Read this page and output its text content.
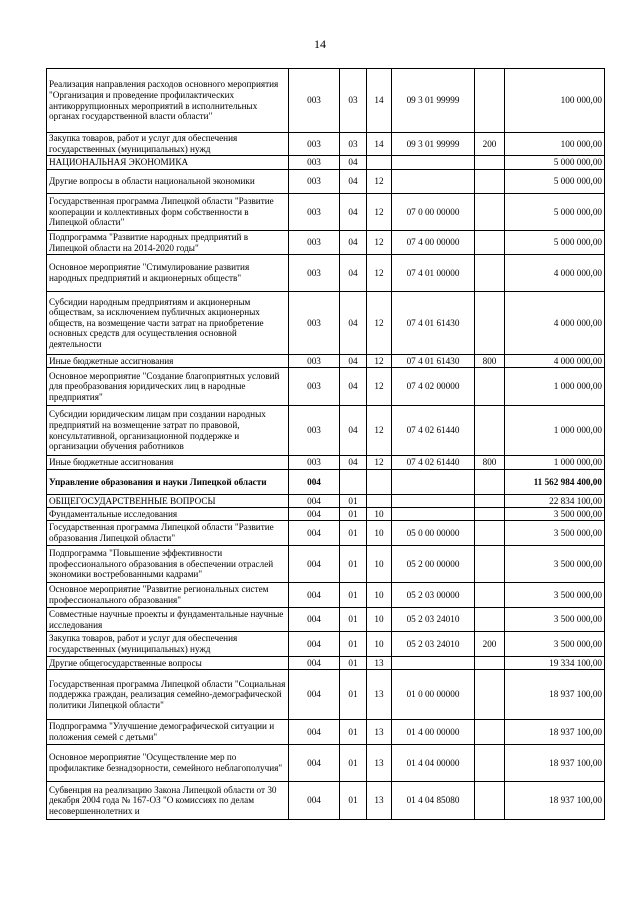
14
Реализация направления расходов основного мероприятия "Организация и проведение профилактических антикоррупционных мероприятий в исполнительных органах государственной власти области"	003	03	14	09 3 01 99999		100 000,00
Закупка товаров, работ и услуг для обеспечения государственных (муниципальных) нужд	003	03	14	09 3 01 99999	200	100 000,00
НАЦИОНАЛЬНАЯ ЭКОНОМИКА	003	04				5 000 000,00
Другие вопросы в области национальной экономики	003	04	12			5 000 000,00
Государственная программа Липецкой области "Развитие кооперации и коллективных форм собственности в Липецкой области"	003	04	12	07 0 00 00000		5 000 000,00
Подпрограмма "Развитие народных предприятий в Липецкой области на 2014-2020 годы"	003	04	12	07 4 00 00000		5 000 000,00
Основное мероприятие "Стимулирование развития народных предприятий и акционерных обществ"	003	04	12	07 4 01 00000		4 000 000,00
Субсидии народным предприятиям и акционерным обществам, за исключением публичных акционерных обществ, на возмещение части затрат на приобретение основных средств для осуществления основной деятельности	003	04	12	07 4 01 61430		4 000 000,00
Иные бюджетные ассигнования	003	04	12	07 4 01 61430	800	4 000 000,00
Основное мероприятие "Создание благоприятных условий для преобразования юридических лиц в народные предприятия"	003	04	12	07 4 02 00000		1 000 000,00
Субсидии юридическим лицам при создании народных предприятий на возмещение затрат по правовой, консультативной, организационной поддержке и организации обучения работников	003	04	12	07 4 02 61440		1 000 000,00
Иные бюджетные ассигнования	003	04	12	07 4 02 61440	800	1 000 000,00
Управление образования и науки Липецкой области	004					11 562 984 400,00
ОБЩЕГОСУДАРСТВЕННЫЕ ВОПРОСЫ	004	01				22 834 100,00
Фундаментальные исследования	004	01	10			3 500 000,00
Государственная программа Липецкой области "Развитие образования Липецкой области"	004	01	10	05 0 00 00000		3 500 000,00
Подпрограмма "Повышение эффективности профессионального образования в обеспечении отраслей экономики востребованными кадрами"	004	01	10	05 2 00 00000		3 500 000,00
Основное мероприятие "Развитие региональных систем профессионального образования"	004	01	10	05 2 03 00000		3 500 000,00
Совместные научные проекты и фундаментальные научные исследования	004	01	10	05 2 03 24010		3 500 000,00
Закупка товаров, работ и услуг для обеспечения государственных (муниципальных) нужд	004	01	10	05 2 03 24010	200	3 500 000,00
Другие общегосударственные вопросы	004	01	13			19 334 100,00
Государственная программа Липецкой области "Социальная поддержка граждан, реализация семейно-демографической политики Липецкой области"	004	01	13	01 0 00 00000		18 937 100,00
Подпрограмма "Улучшение демографической ситуации и положения семей с детьми"	004	01	13	01 4 00 00000		18 937 100,00
Основное мероприятие "Осуществление мер по профилактике безнадзорности, семейного неблагополучия"	004	01	13	01 4 04 00000		18 937 100,00
Субвенция на реализацию Закона Липецкой области от 30 декабря 2004 года № 167-ОЗ "О комиссиях по делам несовершеннолетних и	004	01	13	01 4 04 85080		18 937 100,00
